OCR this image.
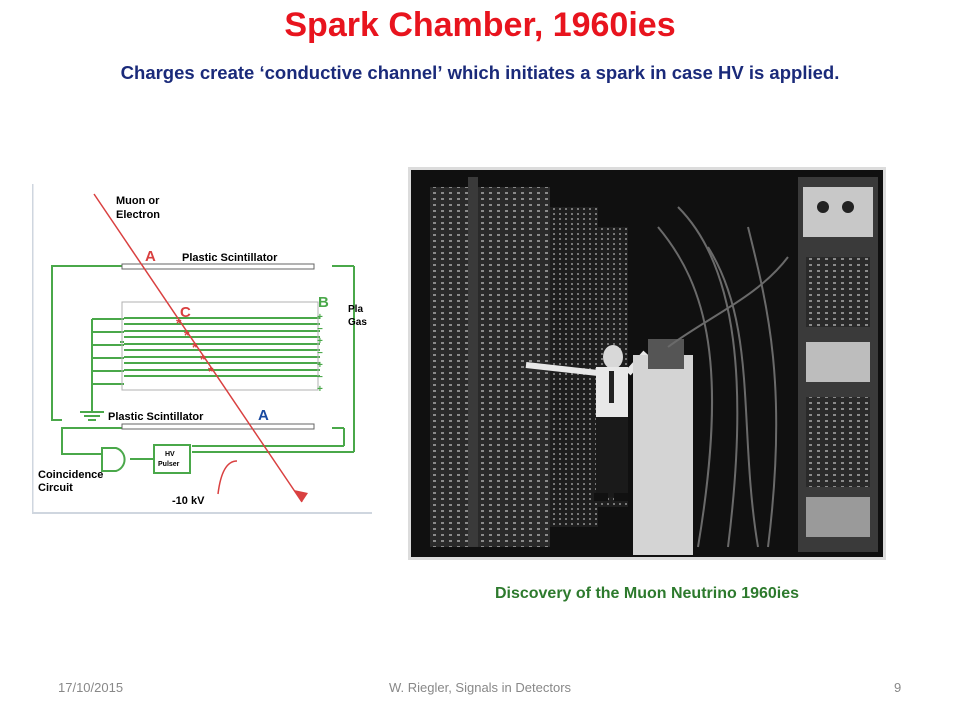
Spark Chamber, 1960ies
Charges create ʻconductive channelʼ which initiates a spark in case HV is applied.
+
−
+
−
+
−
+
*
*
*
*
*
Muon or
Electron
Plastic Scintillator
Plastic Scintillator
Pla
Gas
HV
Pulser
Coincidence
Circuit
-10 kV
A
A
B
C
Discovery of the Muon Neutrino 1960ies
17/10/2015	W. Riegler, Signals in Detectors	9
